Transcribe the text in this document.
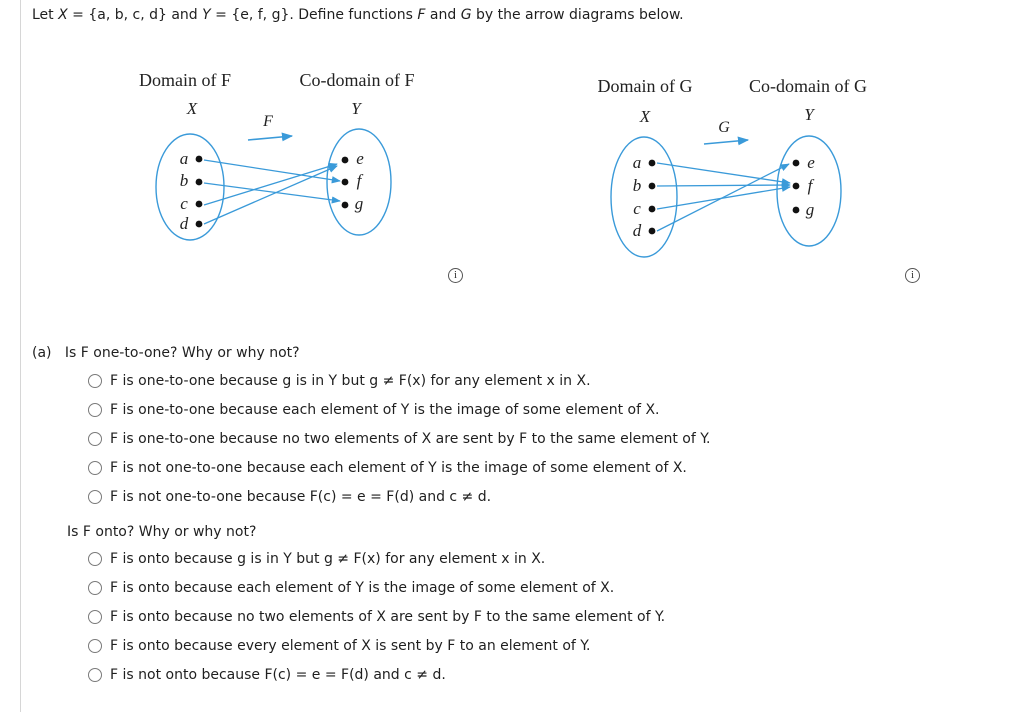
Let X = {a, b, c, d} and Y = {e, f, g}. Define functions F and G by the arrow diagrams below.
Domain of F	Co-domain of F
X	Y
F
a
b
c
d
e
f
g
i
Domain of G	Co-domain of G
X	Y
G
a
b
c
d
e
f
g
i
(a) Is F one-to-one? Why or why not?
F is one-to-one because g is in Y but g ≠ F(x) for any element x in X.
F is one-to-one because each element of Y is the image of some element of X.
F is one-to-one because no two elements of X are sent by F to the same element of Y.
F is not one-to-one because each element of Y is the image of some element of X.
F is not one-to-one because F(c) = e = F(d) and c ≠ d.
Is F onto? Why or why not?
F is onto because g is in Y but g ≠ F(x) for any element x in X.
F is onto because each element of Y is the image of some element of X.
F is onto because no two elements of X are sent by F to the same element of Y.
F is onto because every element of X is sent by F to an element of Y.
F is not onto because F(c) = e = F(d) and c ≠ d.
